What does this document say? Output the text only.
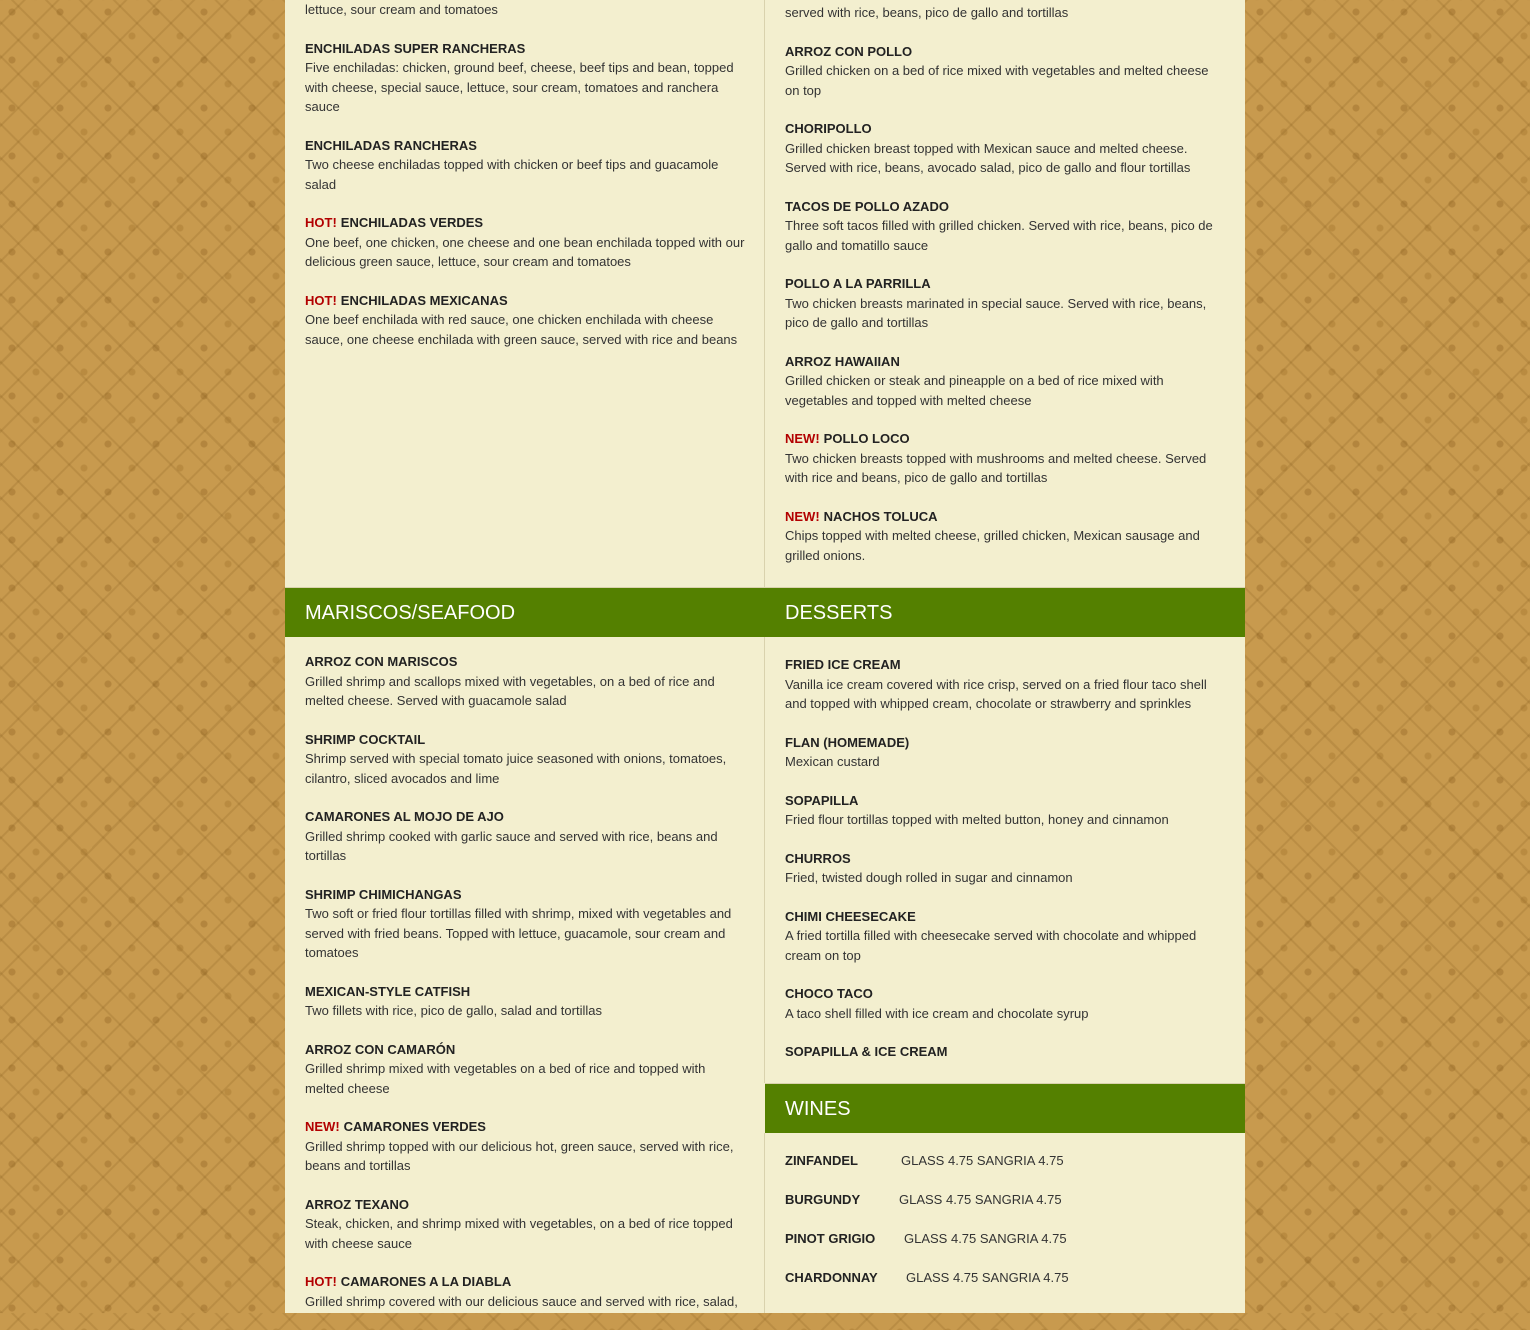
lettuce, sour cream and tomatoes
ENCHILADAS SUPER RANCHERAS
Five enchiladas: chicken, ground beef, cheese, beef tips and bean, topped with cheese, special sauce, lettuce, sour cream, tomatoes and ranchera sauce
ENCHILADAS RANCHERAS
Two cheese enchiladas topped with chicken or beef tips and guacamole salad
HOT! ENCHILADAS VERDES
One beef, one chicken, one cheese and one bean enchilada topped with our delicious green sauce, lettuce, sour cream and tomatoes
HOT! ENCHILADAS MEXICANAS
One beef enchilada with red sauce, one chicken enchilada with cheese sauce, one cheese enchilada with green sauce, served with rice and beans
served with rice, beans, pico de gallo and tortillas
ARROZ CON POLLO
Grilled chicken on a bed of rice mixed with vegetables and melted cheese on top
CHORIPOLLO
Grilled chicken breast topped with Mexican sauce and melted cheese. Served with rice, beans, avocado salad, pico de gallo and flour tortillas
TACOS DE POLLO AZADO
Three soft tacos filled with grilled chicken. Served with rice, beans, pico de gallo and tomatillo sauce
POLLO A LA PARRILLA
Two chicken breasts marinated in special sauce. Served with rice, beans, pico de gallo and tortillas
ARROZ HAWAIIAN
Grilled chicken or steak and pineapple on a bed of rice mixed with vegetables and topped with melted cheese
NEW! POLLO LOCO
Two chicken breasts topped with mushrooms and melted cheese. Served with rice and beans, pico de gallo and tortillas
NEW! NACHOS TOLUCA
Chips topped with melted cheese, grilled chicken, Mexican sausage and grilled onions.
MARISCOS/SEAFOOD	DESSERTS
WINES
ARROZ CON MARISCOS
Grilled shrimp and scallops mixed with vegetables, on a bed of rice and melted cheese. Served with guacamole salad
SHRIMP COCKTAIL
Shrimp served with special tomato juice seasoned with onions, tomatoes, cilantro, sliced avocados and lime
CAMARONES AL MOJO DE AJO
Grilled shrimp cooked with garlic sauce and served with rice, beans and tortillas
SHRIMP CHIMICHANGAS
Two soft or fried flour tortillas filled with shrimp, mixed with vegetables and served with fried beans. Topped with lettuce, guacamole, sour cream and tomatoes
MEXICAN-STYLE CATFISH
Two fillets with rice, pico de gallo, salad and tortillas
ARROZ CON CAMARÓN
Grilled shrimp mixed with vegetables on a bed of rice and topped with melted cheese
NEW! CAMARONES VERDES
Grilled shrimp topped with our delicious hot, green sauce, served with rice, beans and tortillas
ARROZ TEXANO
Steak, chicken, and shrimp mixed with vegetables, on a bed of rice topped with cheese sauce
HOT! CAMARONES A LA DIABLA
Grilled shrimp covered with our delicious sauce and served with rice, salad,
FRIED ICE CREAM
Vanilla ice cream covered with rice crisp, served on a fried flour taco shell and topped with whipped cream, chocolate or strawberry and sprinkles
FLAN (HOMEMADE)
Mexican custard
SOPAPILLA
Fried flour tortillas topped with melted button, honey and cinnamon
CHURROS
Fried, twisted dough rolled in sugar and cinnamon
CHIMI CHEESECAKE
A fried tortilla filled with cheesecake served with chocolate and whipped cream on top
CHOCO TACO
A taco shell filled with ice cream and chocolate syrup
SOPAPILLA & ICE CREAM
ZINFANDEL	GLASS 4.75 SANGRIA 4.75
BURGUNDY	GLASS 4.75 SANGRIA 4.75
PINOT GRIGIO GLASS 4.75 SANGRIA 4.75
CHARDONNAY GLASS 4.75 SANGRIA 4.75
